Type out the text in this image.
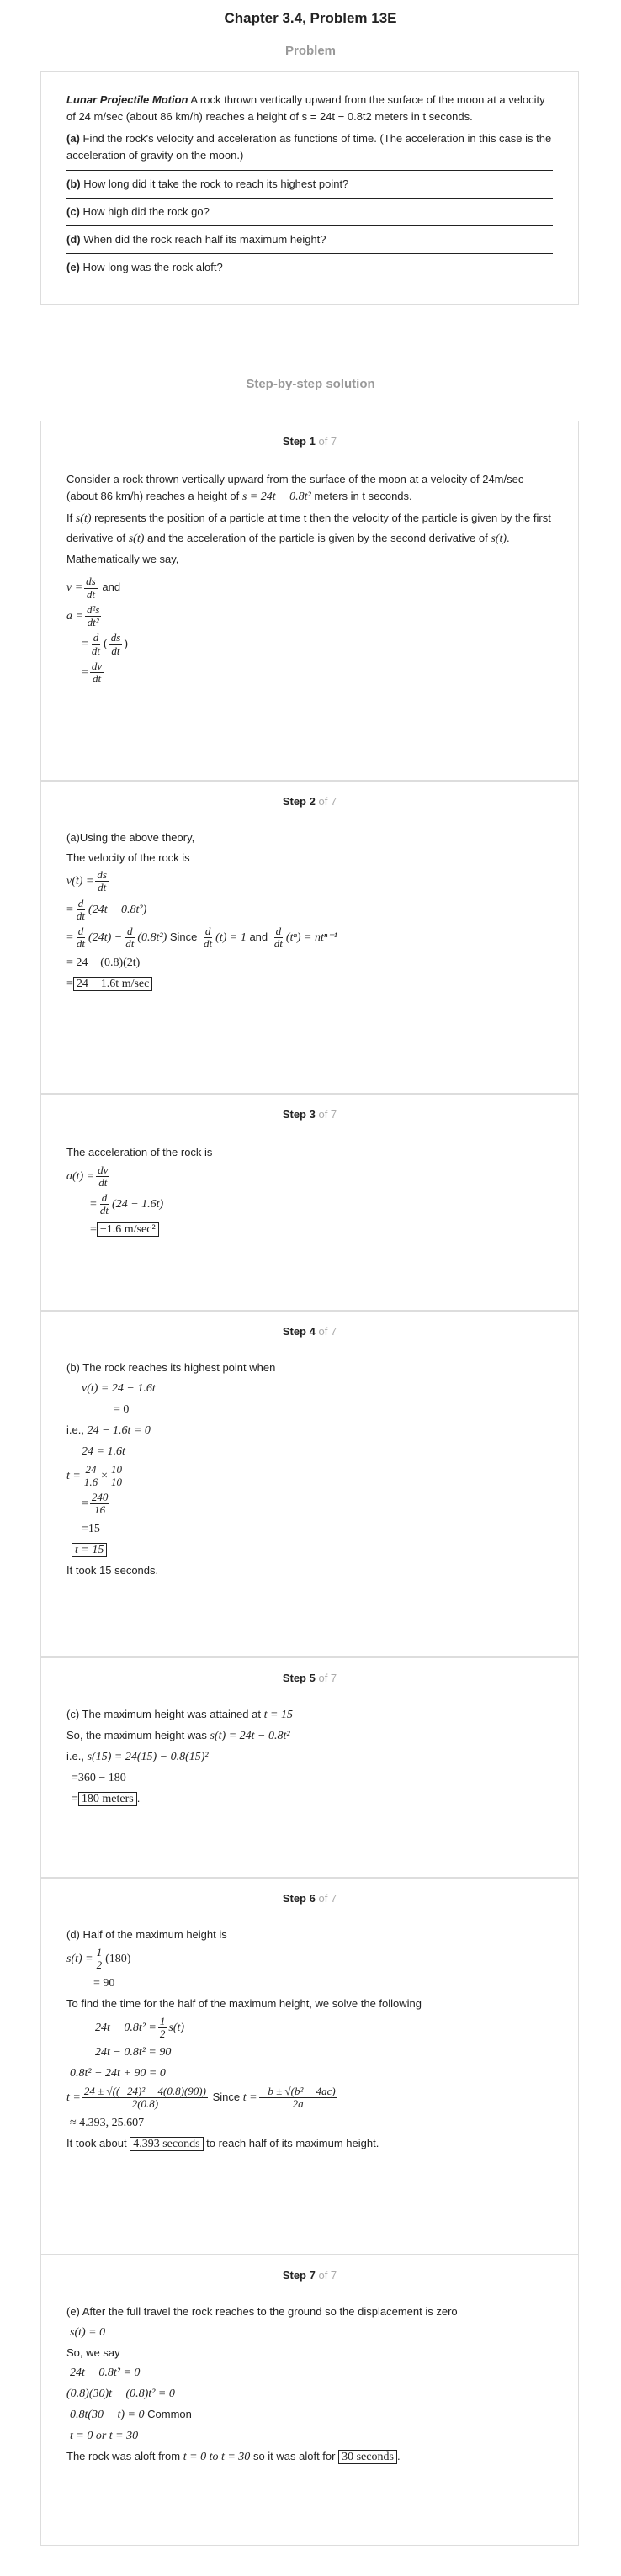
Chapter 3.4, Problem 13E
Problem
Lunar Projectile Motion A rock thrown vertically upward from the surface of the moon at a velocity of 24 m/sec (about 86 km/h) reaches a height of s = 24t − 0.8t2 meters in t seconds.
(a) Find the rock's velocity and acceleration as functions of time. (The acceleration in this case is the acceleration of gravity on the moon.)
(b) How long did it take the rock to reach its highest point?
(c) How high did the rock go?
(d) When did the rock reach half its maximum height?
(e) How long was the rock aloft?
Step-by-step solution
Step 1 of 7
Consider a rock thrown vertically upward from the surface of the moon at a velocity of 24m/sec (about 86 km/h) reaches a height of s = 24t − 0.8t² meters in t seconds.
If s(t) represents the position of a particle at time t then the velocity of the particle is given by the first derivative of s(t) and the acceleration of the particle is given by the second derivative of s(t). Mathematically we say,
$v = \frac{ds}{dt}$ and
$a = \frac{\text{d²s}}{\text{dt²}}$
= $\frac{d}{dt}$ ( $\frac{ds}{dt}$ )
= $\frac{dv}{dt}$
Step 2 of 7
(a)Using the above theory,
The velocity of the rock is
$v(t) = \frac{ds}{dt}$
= $\frac{d}{dt} (24t - 0.8t^2)$
= $\frac{d}{dt} (24t) - \frac{d}{dt} (0.8t^2)$ Since $\frac{d}{dt} (t) = 1$ and $\frac{d}{dt} (t^n) = nt^{n-1}$
= 24 − (0.8)(2t)
= 24 − 1.6t m/sec
Step 3 of 7
The acceleration of the rock is
$a(t) = \frac{dv}{dt}$
= $\frac{d}{dt} (24 - 1.6t)$
= −1.6 m/sec²
Step 4 of 7
(b) The rock reaches its highest point when
v(t) = 24 − 1.6t
= 0
i.e., 24 − 1.6t = 0
24 = 1.6t
$t = \frac{24}{1.6} \times \frac{10}{10}$
= $\frac{240}{16}$
=15
t = 15
It took 15 seconds.
Step 5 of 7
(c) The maximum height was attained at t = 15
So, the maximum height was s(t) = 24t − 0.8t²
i.e., s(15) = 24(15) − 0.8(15)²
=360 − 180
= 180 meters .
Step 6 of 7
(d) Half of the maximum height is
$s(t) = \frac{1}{2} (180)$
= 90
To find the time for the half of the maximum height, we solve the following
$24t - 0.8t^2 = \frac{1}{2} s(t)$
24t − 0.8t² = 90
0.8t² − 24t + 90 = 0
$t = \frac{\text{24 ± √((−24)² − 4(0.8)(90))}}{2(0.8)}$ Since $t = \frac{\text{−b ± √(b² − 4ac)}}{2a}$
≈ 4.393, 25.607
It took about 4.393 seconds to reach half of its maximum height.
Step 7 of 7
(e) After the full travel the rock reaches to the ground so the displacement is zero
s(t) = 0
So, we say
24t − 0.8t² = 0
(0.8)(30)t − (0.8)t² = 0
0.8t(30 − t) = 0 Common
t = 0 or t = 30
The rock was aloft from t = 0 to t = 30 so it was aloft for 30 seconds .
